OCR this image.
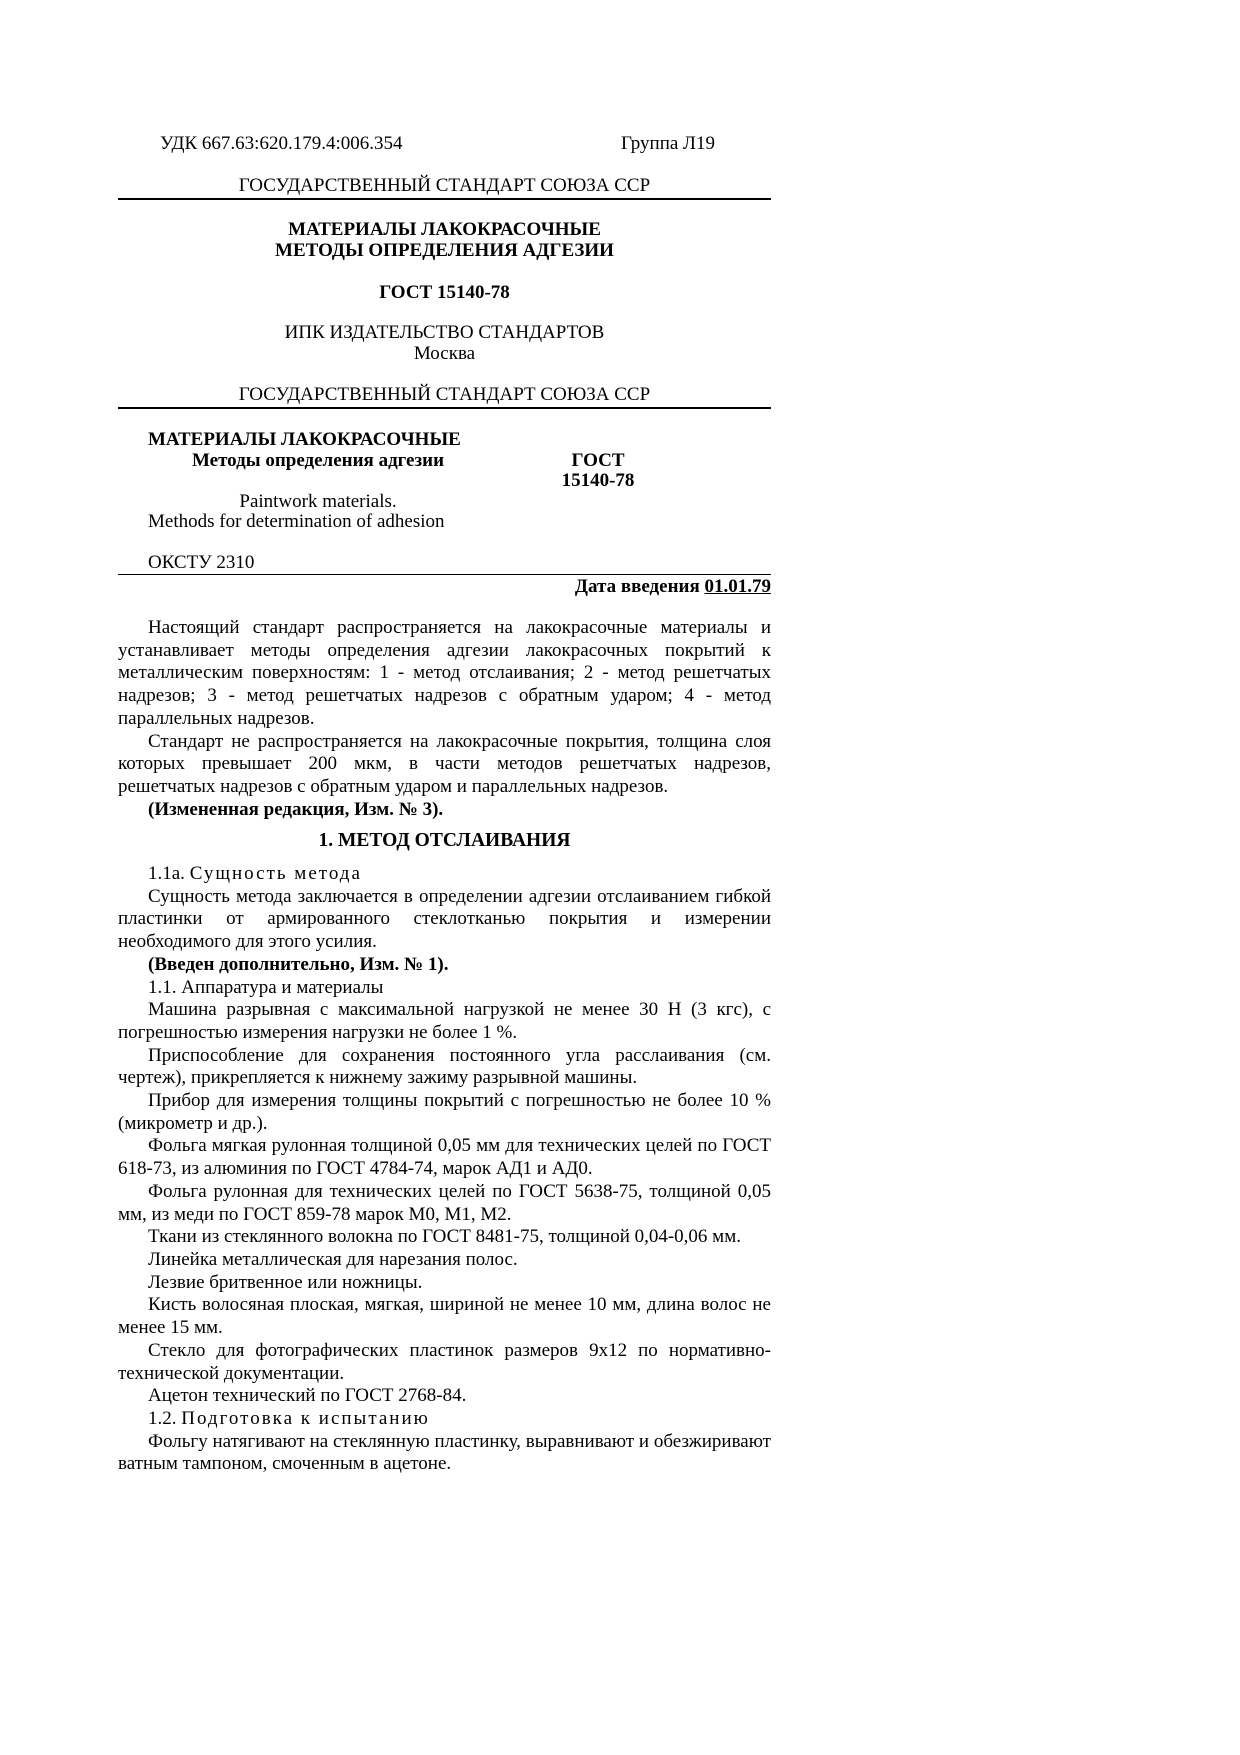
УДК 667.63:620.179.4:006.354	Группа Л19
ГОСУДАРСТВЕННЫЙ СТАНДАРТ СОЮЗА ССР
МАТЕРИАЛЫ ЛАКОКРАСОЧНЫЕ
МЕТОДЫ ОПРЕДЕЛЕНИЯ АДГЕЗИИ
ГОСТ 15140-78
ИПК ИЗДАТЕЛЬСТВО СТАНДАРТОВ
Москва
ГОСУДАРСТВЕННЫЙ СТАНДАРТ СОЮЗА ССР
МАТЕРИАЛЫ ЛАКОКРАСОЧНЫЕ
Методы определения адгезии	ГОСТ
15140-78
Paintwork materials.
Methods for determination of adhesion
ОКСТУ 2310
Дата введения 01.01.79

Настоящий стандарт распространяется на лакокрасочные материалы и устанавливает методы определения адгезии лакокрасочных покрытий к металлическим поверхностям: 1 - метод отслаивания; 2 - метод решетчатых надрезов; 3 - метод решетчатых надрезов с обратным ударом; 4 - метод параллельных надрезов.

Стандарт не распространяется на лакокрасочные покрытия, толщина слоя которых превышает 200 мкм, в части методов решетчатых надрезов, решетчатых надрезов с обратным ударом и параллельных надрезов.

(Измененная редакция, Изм. № 3).

1. МЕТОД ОТСЛАИВАНИЯ

1.1а. Сущность метода

Сущность метода заключается в определении адгезии отслаиванием гибкой пластинки от армированного стеклотканью покрытия и измерении необходимого для этого усилия.

(Введен дополнительно, Изм. № 1).

1.1. Аппаратура и материалы

Машина разрывная с максимальной нагрузкой не менее 30 Н (3 кгс), с погрешностью измерения нагрузки не более 1 %.

Приспособление для сохранения постоянного угла расслаивания (см. чертеж), прикрепляется к нижнему зажиму разрывной машины.

Прибор для измерения толщины покрытий с погрешностью не более 10 % (микрометр и др.).

Фольга мягкая рулонная толщиной 0,05 мм для технических целей по ГОСТ 618-73, из алюминия по ГОСТ 4784-74, марок АД1 и АД0.

Фольга рулонная для технических целей по ГОСТ 5638-75, толщиной 0,05 мм, из меди по ГОСТ 859-78 марок М0, М1, М2.

Ткани из стеклянного волокна по ГОСТ 8481-75, толщиной 0,04-0,06 мм.

Линейка металлическая для нарезания полос.

Лезвие бритвенное или ножницы.

Кисть волосяная плоская, мягкая, шириной не менее 10 мм, длина волос не менее 15 мм.

Стекло для фотографических пластинок размеров 9х12 по нормативно-технической документации.

Ацетон технический по ГОСТ 2768-84.

1.2. Подготовка к испытанию

Фольгу натягивают на стеклянную пластинку, выравнивают и обезжиривают ватным тампоном, смоченным в ацетоне.
